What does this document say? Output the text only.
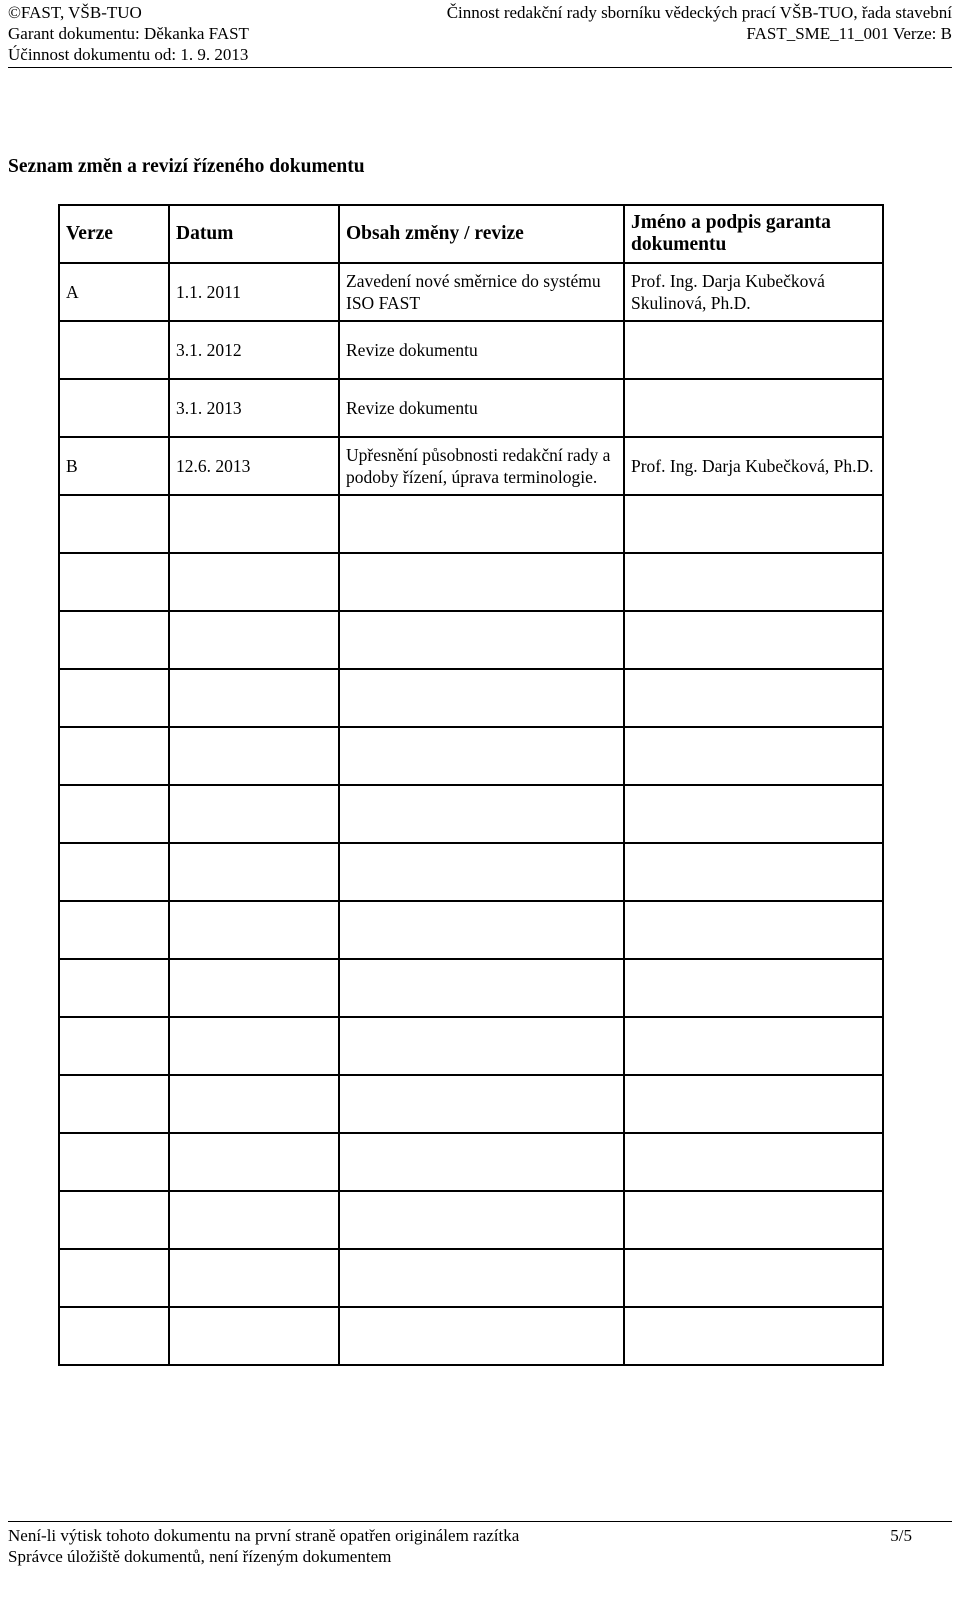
©FAST, VŠB-TUO	Činnost redakční rady sborníku vědeckých prací VŠB-TUO, řada stavební
Garant dokumentu: Děkanka FAST	FAST_SME_11_001 Verze: B
Účinnost dokumentu od: 1. 9. 2013
Seznam změn a revizí řízeného dokumentu
Verze	Datum	Obsah změny / revize	Jméno a podpis garanta dokumentu
A	1.1. 2011	Zavedení nové směrnice do systému ISO FAST	Prof. Ing. Darja Kubečková Skulinová, Ph.D.
	3.1. 2012	Revize dokumentu	
	3.1. 2013	Revize dokumentu	
B	12.6. 2013	Upřesnění působnosti redakční rady a podoby řízení, úprava terminologie.	Prof. Ing. Darja Kubečková, Ph.D.

Není-li výtisk tohoto dokumentu na první straně opatřen originálem razítka	5/5
Správce úložiště dokumentů, není řízeným dokumentem
